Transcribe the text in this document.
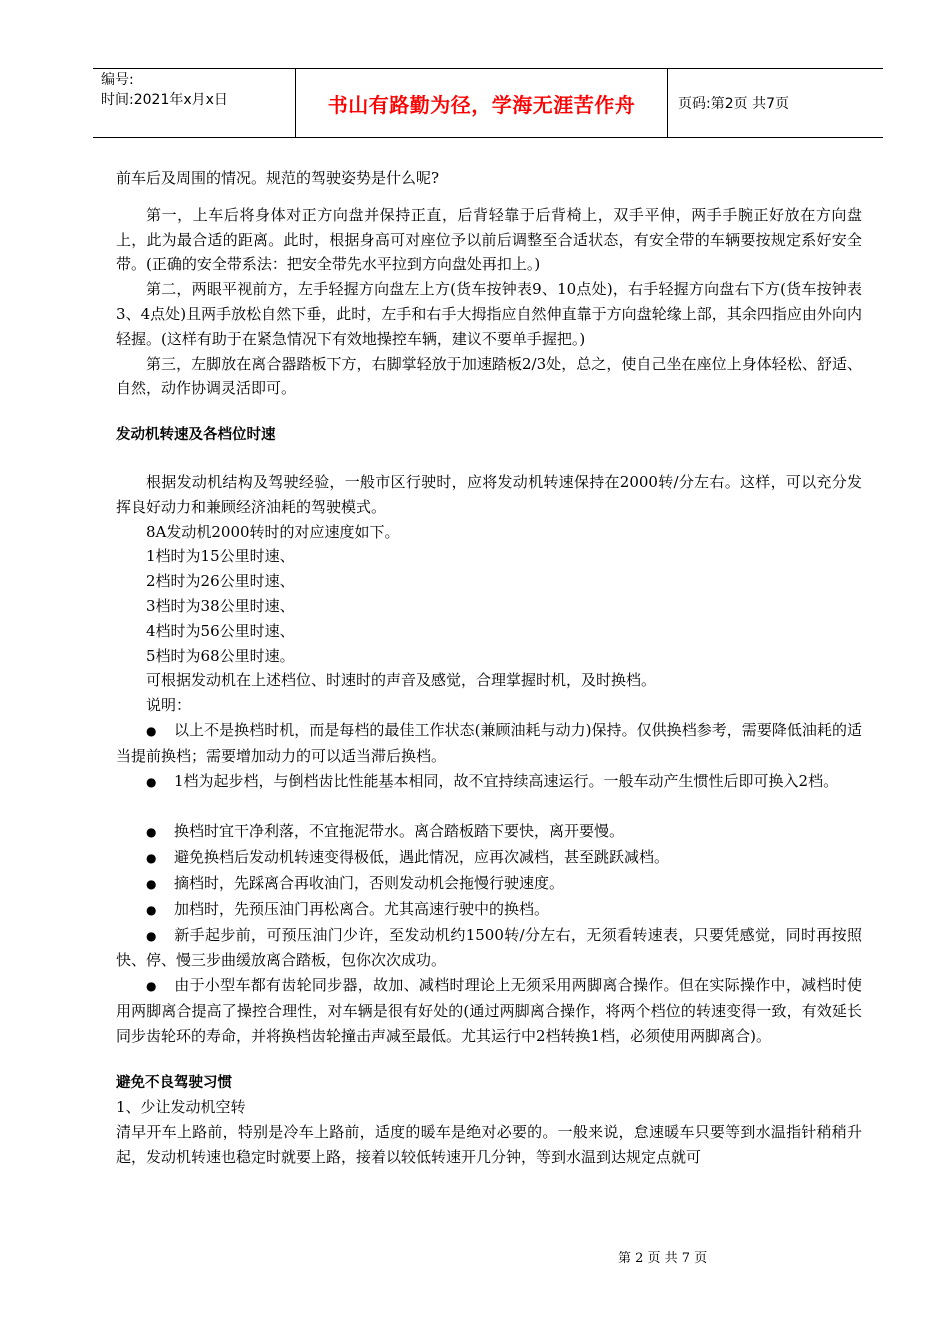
编号:
时间:2021年x月x日	书山有路勤为径，学海无涯苦作舟	页码:第2页 共7页

前车后及周围的情况。规范的驾驶姿势是什么呢?

第一，上车后将身体对正方向盘并保持正直，后背轻靠于后背椅上，双手平伸，两手手腕正好放在方向盘上，此为最合适的距离。此时，根据身高可对座位予以前后调整至合适状态，有安全带的车辆要按规定系好安全带。(正确的安全带系法：把安全带先水平拉到方向盘处再扣上。)

第二，两眼平视前方，左手轻握方向盘左上方(货车按钟表9、10点处)，右手轻握方向盘右下方(货车按钟表3、4点处)且两手放松自然下垂，此时，左手和右手大拇指应自然伸直靠于方向盘轮缘上部，其余四指应由外向内轻握。(这样有助于在紧急情况下有效地操控车辆，建议不要单手握把。)

第三，左脚放在离合器踏板下方，右脚掌轻放于加速踏板2/3处，总之，使自己坐在座位上身体轻松、舒适、自然，动作协调灵活即可。

发动机转速及各档位时速

根据发动机结构及驾驶经验，一般市区行驶时，应将发动机转速保持在2000转/分左右。这样，可以充分发挥良好动力和兼顾经济油耗的驾驶模式。

8A发动机2000转时的对应速度如下。

1档时为15公里时速、

2档时为26公里时速、

3档时为38公里时速、

4档时为56公里时速、

5档时为68公里时速。

可根据发动机在上述档位、时速时的声音及感觉，合理掌握时机，及时换档。

说明：

● 以上不是换档时机，而是每档的最佳工作状态(兼顾油耗与动力)保持。仅供换档参考，需要降低油耗的适当提前换档；需要增加动力的可以适当滞后换档。

● 1档为起步档，与倒档齿比性能基本相同，故不宜持续高速运行。一般车动产生惯性后即可换入2档。

● 换档时宜干净利落，不宜拖泥带水。离合踏板踏下要快，离开要慢。

● 避免换档后发动机转速变得极低，遇此情况，应再次减档，甚至跳跃减档。

● 摘档时，先踩离合再收油门，否则发动机会拖慢行驶速度。

● 加档时，先预压油门再松离合。尤其高速行驶中的换档。

● 新手起步前，可预压油门少许，至发动机约1500转/分左右，无须看转速表，只要凭感觉，同时再按照快、停、慢三步曲缓放离合踏板，包你次次成功。

● 由于小型车都有齿轮同步器，故加、减档时理论上无须采用两脚离合操作。但在实际操作中，减档时使用两脚离合提高了操控合理性，对车辆是很有好处的(通过两脚离合操作，将两个档位的转速变得一致，有效延长同步齿轮环的寿命，并将换档齿轮撞击声减至最低。尤其运行中2档转换1档，必须使用两脚离合)。

避免不良驾驶习惯

1、少让发动机空转

清早开车上路前，特别是冷车上路前，适度的暖车是绝对必要的。一般来说，怠速暖车只要等到水温指针稍稍升起，发动机转速也稳定时就要上路，接着以较低转速开几分钟，等到水温到达规定点就可

第 2 页 共 7 页
